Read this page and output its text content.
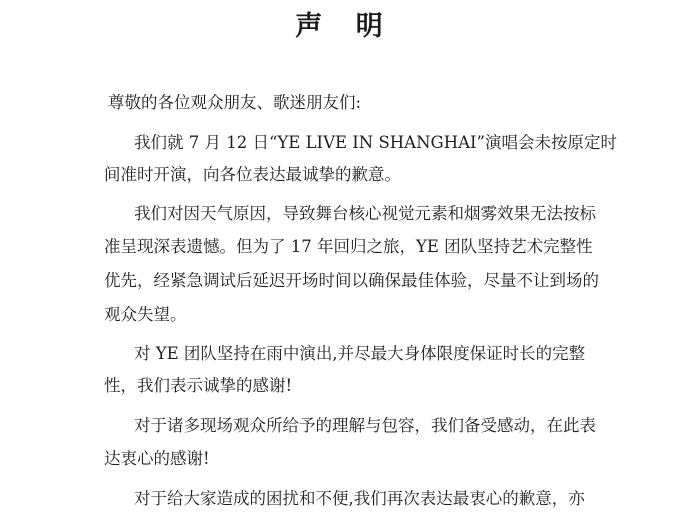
声 明
尊敬的各位观众朋友、歌迷朋友们:
我们就 7 月 12 日“YE LIVE IN SHANGHAI”演唱会未按原定时
间准时开演，向各位表达最诚挚的歉意。
我们对因天气原因，导致舞台核心视觉元素和烟雾效果无法按标
准呈现深表遗憾。但为了 17 年回归之旅，YE 团队坚持艺术完整性
优先，经紧急调试后延迟开场时间以确保最佳体验，尽量不让到场的
观众失望。
对 YE 团队坚持在雨中演出,并尽最大身体限度保证时长的完整
性，我们表示诚挚的感谢!
对于诸多现场观众所给予的理解与包容，我们备受感动，在此表
达衷心的感谢!
对于给大家造成的困扰和不便,我们再次表达最衷心的歉意，亦
